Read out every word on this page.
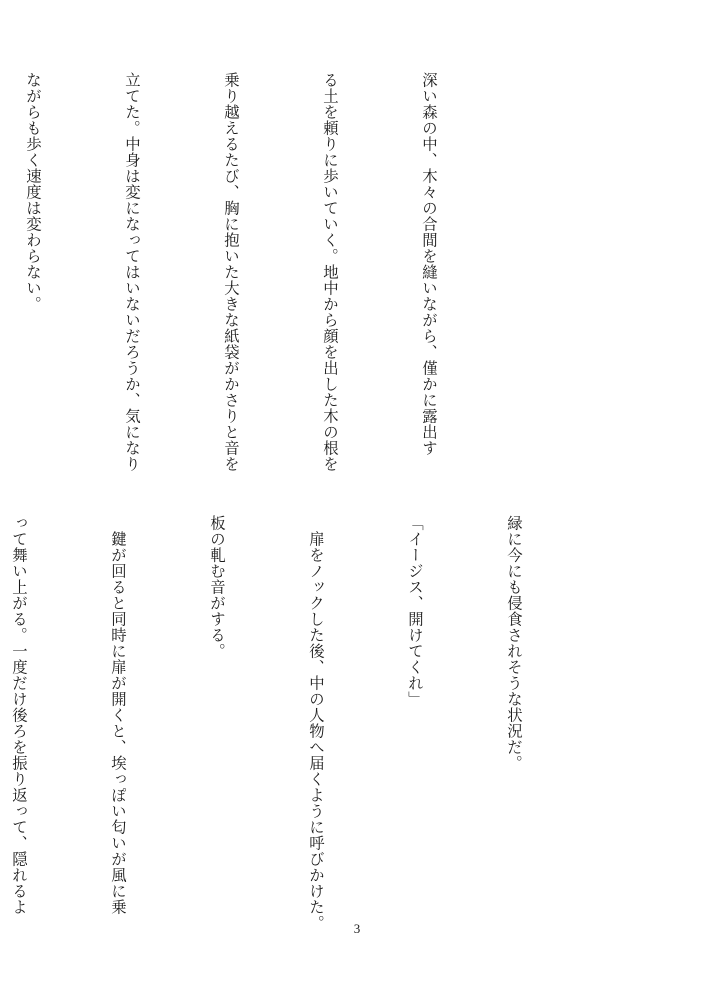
深い森の中、木々の合間を縫いながら、僅かに露出す

る土を頼りに歩いていく。地中から顔を出した木の根を

乗り越えるたび、胸に抱いた大きな紙袋がかさりと音を

立てた。中身は変になってはいないだろうか、気になり

ながらも歩く速度は変わらない。

緑に今にも侵食されそうな状況だ。

「イージス、開けてくれ」

　扉をノックした後、中の人物へ届くように呼びかけた。

板の軋む音がする。

　鍵が回ると同時に扉が開くと、埃っぽい匂いが風に乗

って舞い上がる。一度だけ後ろを振り返って、隠れるよ

3
